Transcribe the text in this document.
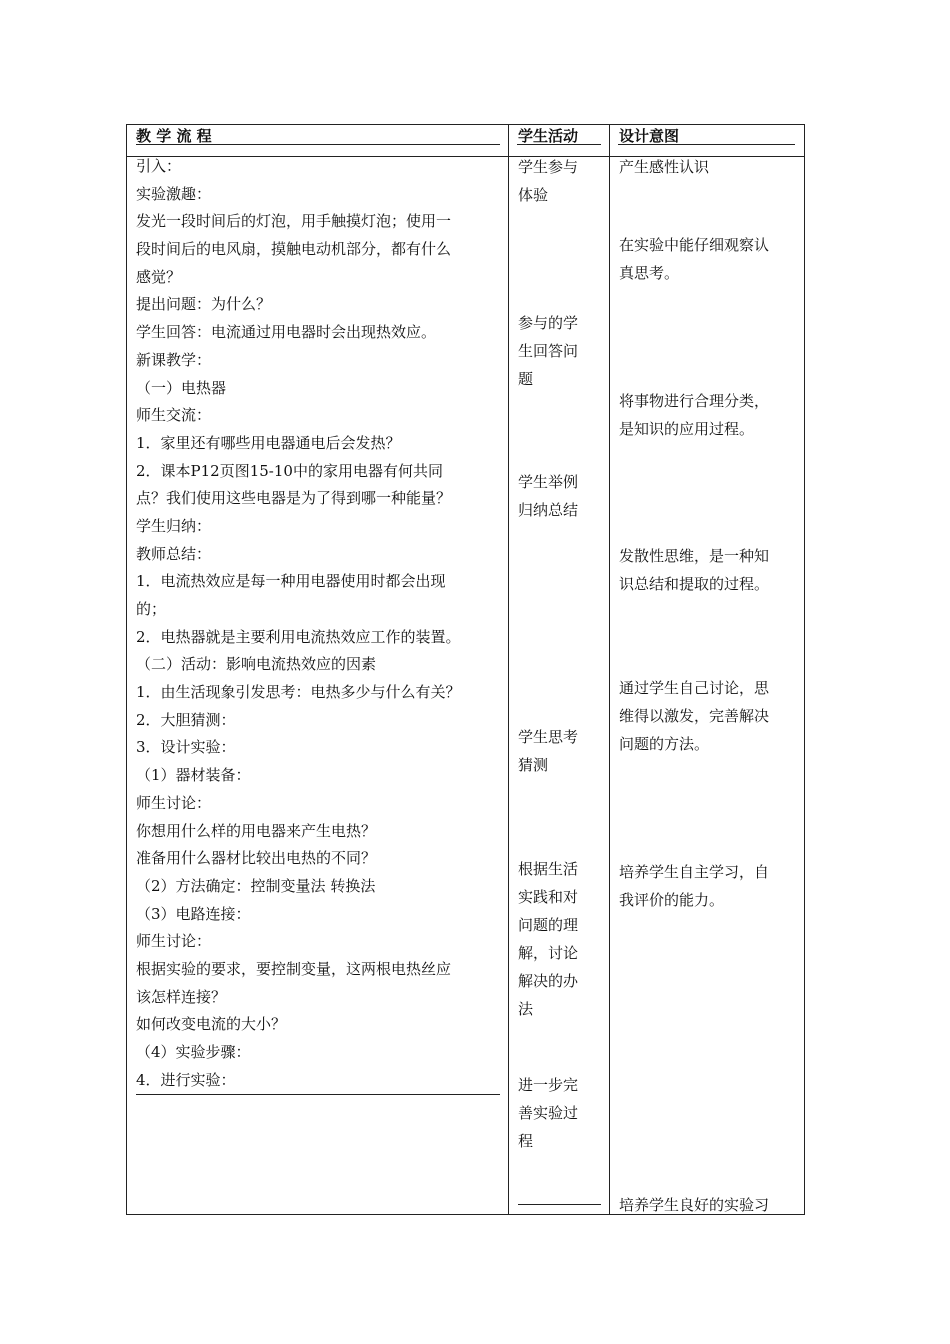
教 学 流 程	学生活动	设计意图
引入：
实验激趣：
发光一段时间后的灯泡，用手触摸灯泡；使用一
段时间后的电风扇，摸触电动机部分，都有什么
感觉？
提出问题：为什么？
学生回答：电流通过用电器时会出现热效应。
新课教学：
（一）电热器
师生交流：
1．家里还有哪些用电器通电后会发热？
2．课本P12页图15-10中的家用电器有何共同
点？我们使用这些电器是为了得到哪一种能量？
学生归纳：
教师总结：
1．电流热效应是每一种用电器使用时都会出现
的；
2．电热器就是主要利用电流热效应工作的装置。
（二）活动：影响电流热效应的因素
1．由生活现象引发思考：电热多少与什么有关？
2．大胆猜测：
3．设计实验：
（1）器材装备：
师生讨论：
你想用什么样的用电器来产生电热？
准备用什么器材比较出电热的不同？
（2）方法确定：控制变量法 转换法
（3）电路连接：
师生讨论：
根据实验的要求，要控制变量，这两根电热丝应
该怎样连接？
如何改变电流的大小？
（4）实验步骤：
4．进行实验：
学生参与
体验
参与的学
生回答问
题
学生举例
归纳总结
学生思考
猜测
根据生活
实践和对
问题的理
解，讨论
解决的办
法
进一步完
善实验过
程
产生感性认识
在实验中能仔细观察认
真思考。
将事物进行合理分类，
是知识的应用过程。
发散性思维，是一种知
识总结和提取的过程。
通过学生自己讨论，思
维得以激发，完善解决
问题的方法。
培养学生自主学习，自
我评价的能力。
培养学生良好的实验习
